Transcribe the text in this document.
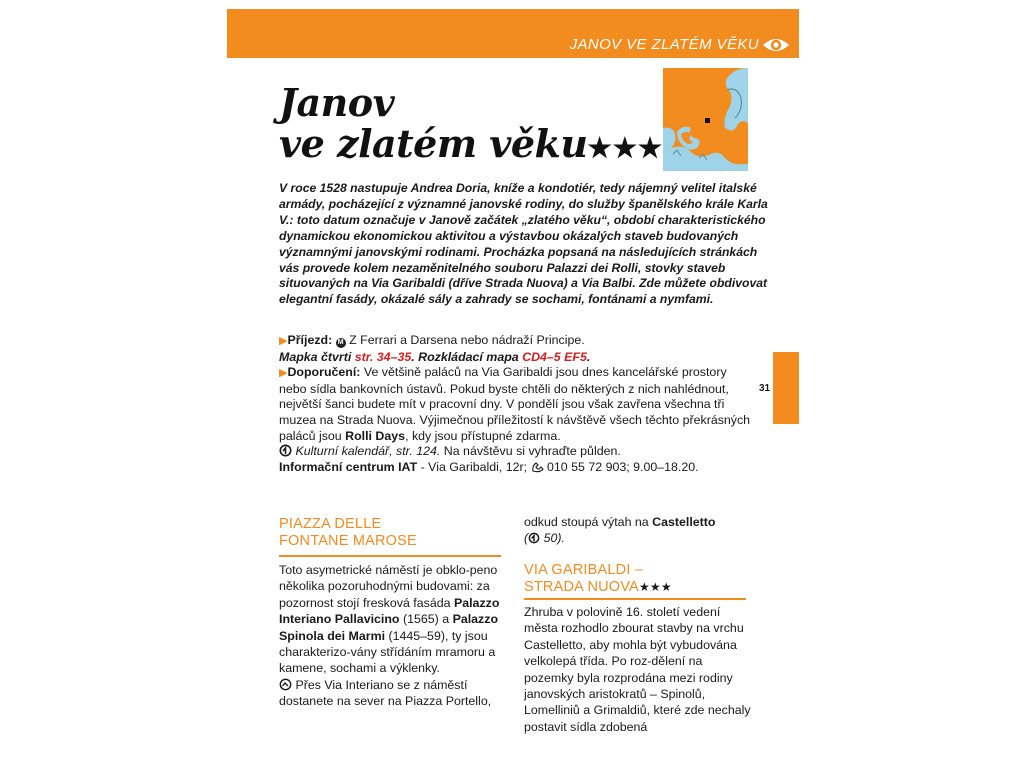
JANOV VE ZLATÉM VĚKU
Janov
ve zlatém věku★★★
V roce 1528 nastupuje Andrea Doria, kníže a kondotiér, tedy nájemný velitel italské armády, pocházející z významné janovské rodiny, do služby španělského krále Karla V.: toto datum označuje v Janově začátek „zlatého věku“, období charakteristického dynamickou ekonomickou aktivitou a výstavbou okázalých staveb budovaných významnými janovskými rodinami. Procházka popsaná na následujících stránkách vás provede kolem nezaměnitelného souboru Palazzi dei Rolli, stovky staveb situovaných na Via Garibaldi (dříve Strada Nuova) a Via Balbi. Zde můžete obdivovat elegantní fasády, okázalé sály a zahrady se sochami, fontánami a nymfami.

▶Příjezd: M Z Ferrari a Darsena nebo nádraží Principe.

Mapka čtvrti str. 34–35. Rozkládací mapa CD4–5 EF5.

▶Doporučení: Ve většině paláců na Via Garibaldi jsou dnes kancelářské prostory nebo sídla bankovních ústavů. Pokud byste chtěli do některých z nich nahlédnout, největší šanci budete mít v pracovní dny. V pondělí jsou však zavřena všechna tři muzea na Strada Nuova. Výjimečnou příležitostí k návštěvě všech těchto překrásných paláců jsou Rolli Days, kdy jsou přístupné zdarma.
Kulturní kalendář, str. 124. Na návštěvu si vyhraďte půlden.

Informační centrum IAT - Via Garibaldi, 12r;  010 55 72 903; 9.00–18.20.

31
PIAZZA DELLE
FONTANE MAROSE

Toto asymetrické náměstí je obklo-peno několika pozoruhodnými budovami: za pozornost stojí fresková fasáda Palazzo Interiano Pallavicino (1565) a Palazzo Spinola dei Marmi (1445–59), ty jsou charakterizo-vány střídáním mramoru a kamene, sochami a výklenky.

Přes Via Interiano se z náměstí dostanete na sever na Piazza Portello,

odkud stoupá výtah na Castelletto

( 50).

VIA GARIBALDI –
STRADA NUOVA★★★
Zhruba v polovině 16. století vedení města rozhodlo zbourat stavby na vrchu Castelletto, aby mohla být vybudována velkolepá třída. Po roz-dělení na pozemky byla rozprodána mezi rodiny janovských aristokratů – Spinolů, Lomelliniů a Grimaldiů, které zde nechaly postavit sídla zdobená
